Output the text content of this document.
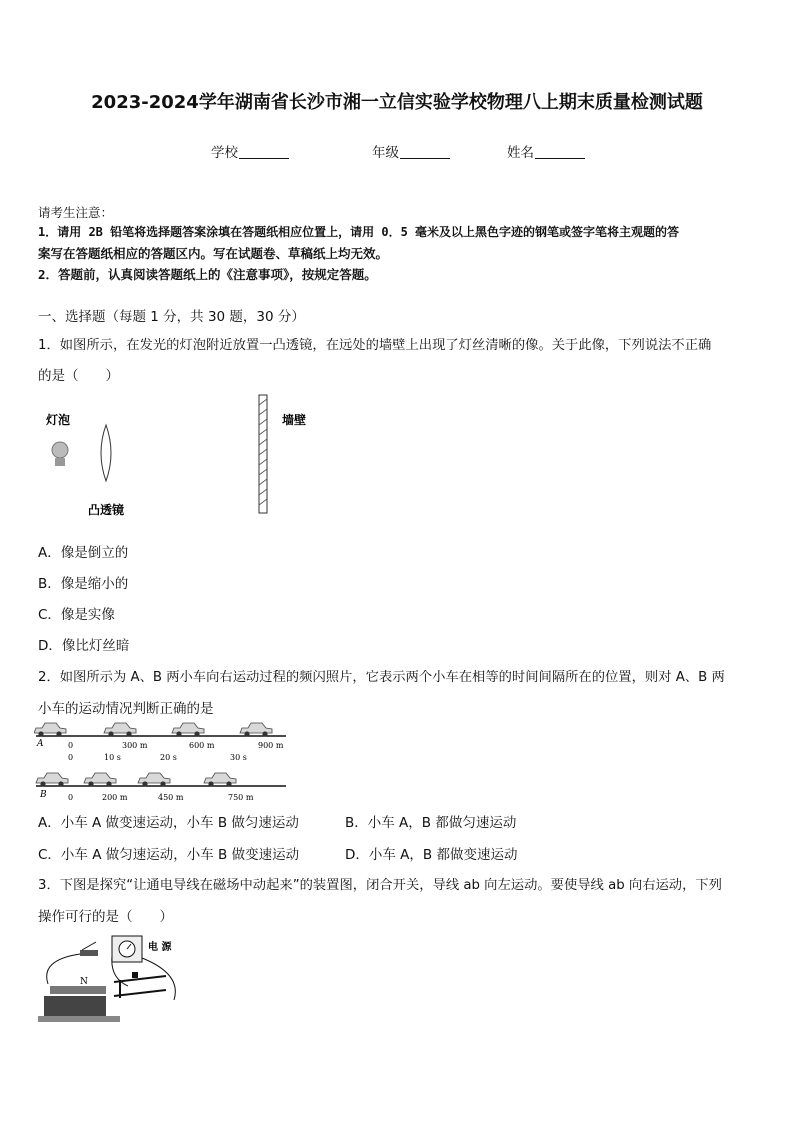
2023-2024学年湖南省长沙市湘一立信实验学校物理八上期末质量检测试题
学校	年级	姓名
请考生注意：
1．请用 2B 铅笔将选择题答案涂填在答题纸相应位置上，请用 0．5 毫米及以上黑色字迹的钢笔或签字笔将主观题的答
案写在答题纸相应的答题区内。写在试题卷、草稿纸上均无效。
2．答题前，认真阅读答题纸上的《注意事项》，按规定答题。
一、选择题（每题 1 分，共 30 题，30 分）
1．如图所示，在发光的灯泡附近放置一凸透镜，在远处的墙壁上出现了灯丝清晰的像。关于此像，下列说法不正确
的是（　　）
灯泡
凸透镜
墙壁
A．像是倒立的
B．像是缩小的
C．像是实像
D．像比灯丝暗
2．如图所示为 A、B 两小车向右运动过程的频闪照片，它表示两个小车在相等的时间间隔所在的位置，则对 A、B 两
小车的运动情况判断正确的是
A
B
0	300 m	600 m	900 m
0	10 s	20 s	30 s
0	200 m	450 m	750 m
A．小车 A 做变速运动，小车 B 做匀速运动	B．小车 A，B 都做匀速运动
C．小车 A 做匀速运动，小车 B 做变速运动	D．小车 A，B 都做变速运动
3．下图是探究“让通电导线在磁场中动起来”的装置图，闭合开关，导线 ab 向左运动。要使导线 ab 向右运动，下列
操作可行的是（　　）
电 源
N
